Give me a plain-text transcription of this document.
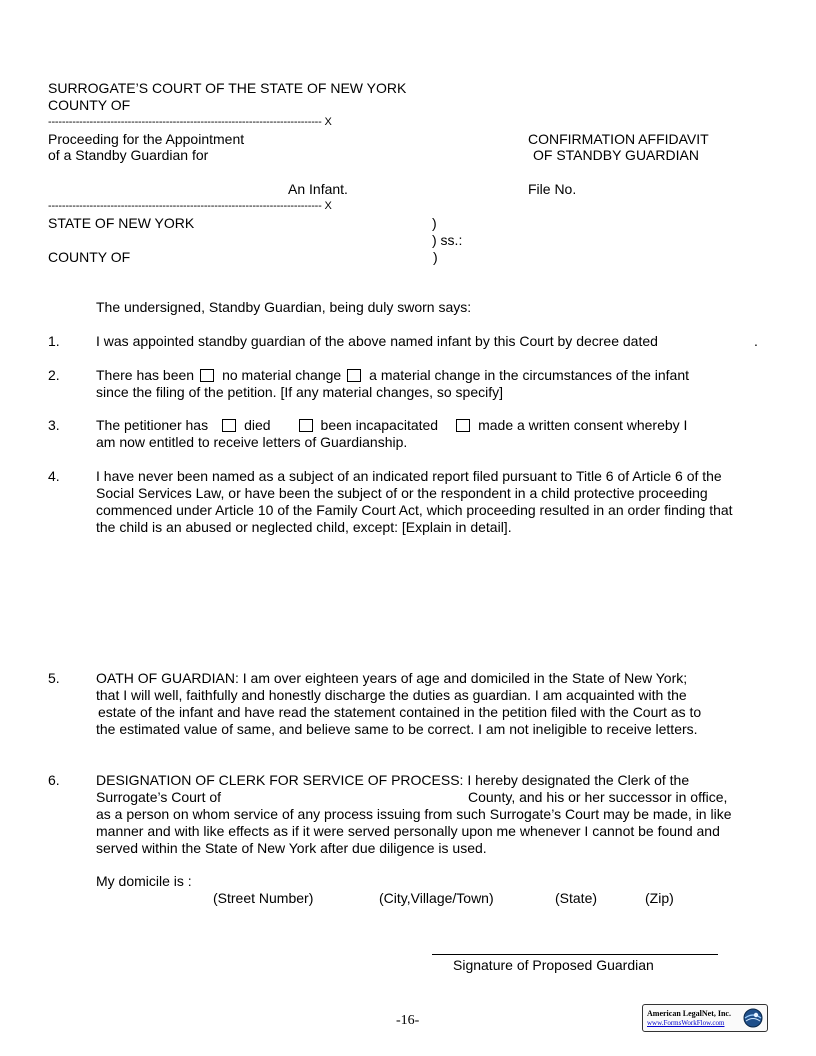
SURROGATE’S COURT OF THE STATE OF NEW YORK
COUNTY OF
------------------------------------------------------------------------------- X
Proceeding for the Appointment
of a Standby Guardian for
CONFIRMATION AFFIDAVIT
OF STANDBY GUARDIAN
An Infant.	File No.
------------------------------------------------------------------------------- X
STATE OF NEW YORK	)
) ss.:
COUNTY OF	)
The undersigned, Standby Guardian, being duly sworn says:
1.	I was appointed standby guardian of the above named infant by this Court by decree dated	.
2.	There has been no material change a material change in the circumstances of the infant
since the filing of the petition. [If any material changes, so specify]
3.	The petitioner has	died	been incapacitated	made a written consent whereby I
am now entitled to receive letters of Guardianship.
4.	I have never been named as a subject of an indicated report filed pursuant to Title 6 of Article 6 of the
Social Services Law, or have been the subject of or the respondent in a child protective proceeding
commenced under Article 10 of the Family Court Act, which proceeding resulted in an order finding that
the child is an abused or neglected child, except: [Explain in detail].
5.	OATH OF GUARDIAN: I am over eighteen years of age and domiciled in the State of New York;
that I will well, faithfully and honestly discharge the duties as guardian. I am acquainted with the
estate of the infant and have read the statement contained in the petition filed with the Court as to
the estimated value of same, and believe same to be correct. I am not ineligible to receive letters.
6.	DESIGNATION OF CLERK FOR SERVICE OF PROCESS: I hereby designated the Clerk of the
Surrogate’s Court of	County, and his or her successor in office,
as a person on whom service of any process issuing from such Surrogate’s Court may be made, in like
manner and with like effects as if it were served personally upon me whenever I cannot be found and
served within the State of New York after due diligence is used.
My domicile is :
(Street Number)	(City,Village/Town)	(State)	(Zip)
Signature of Proposed Guardian
-16-	American LegalNet, Inc.
www.FormsWorkFlow.com
